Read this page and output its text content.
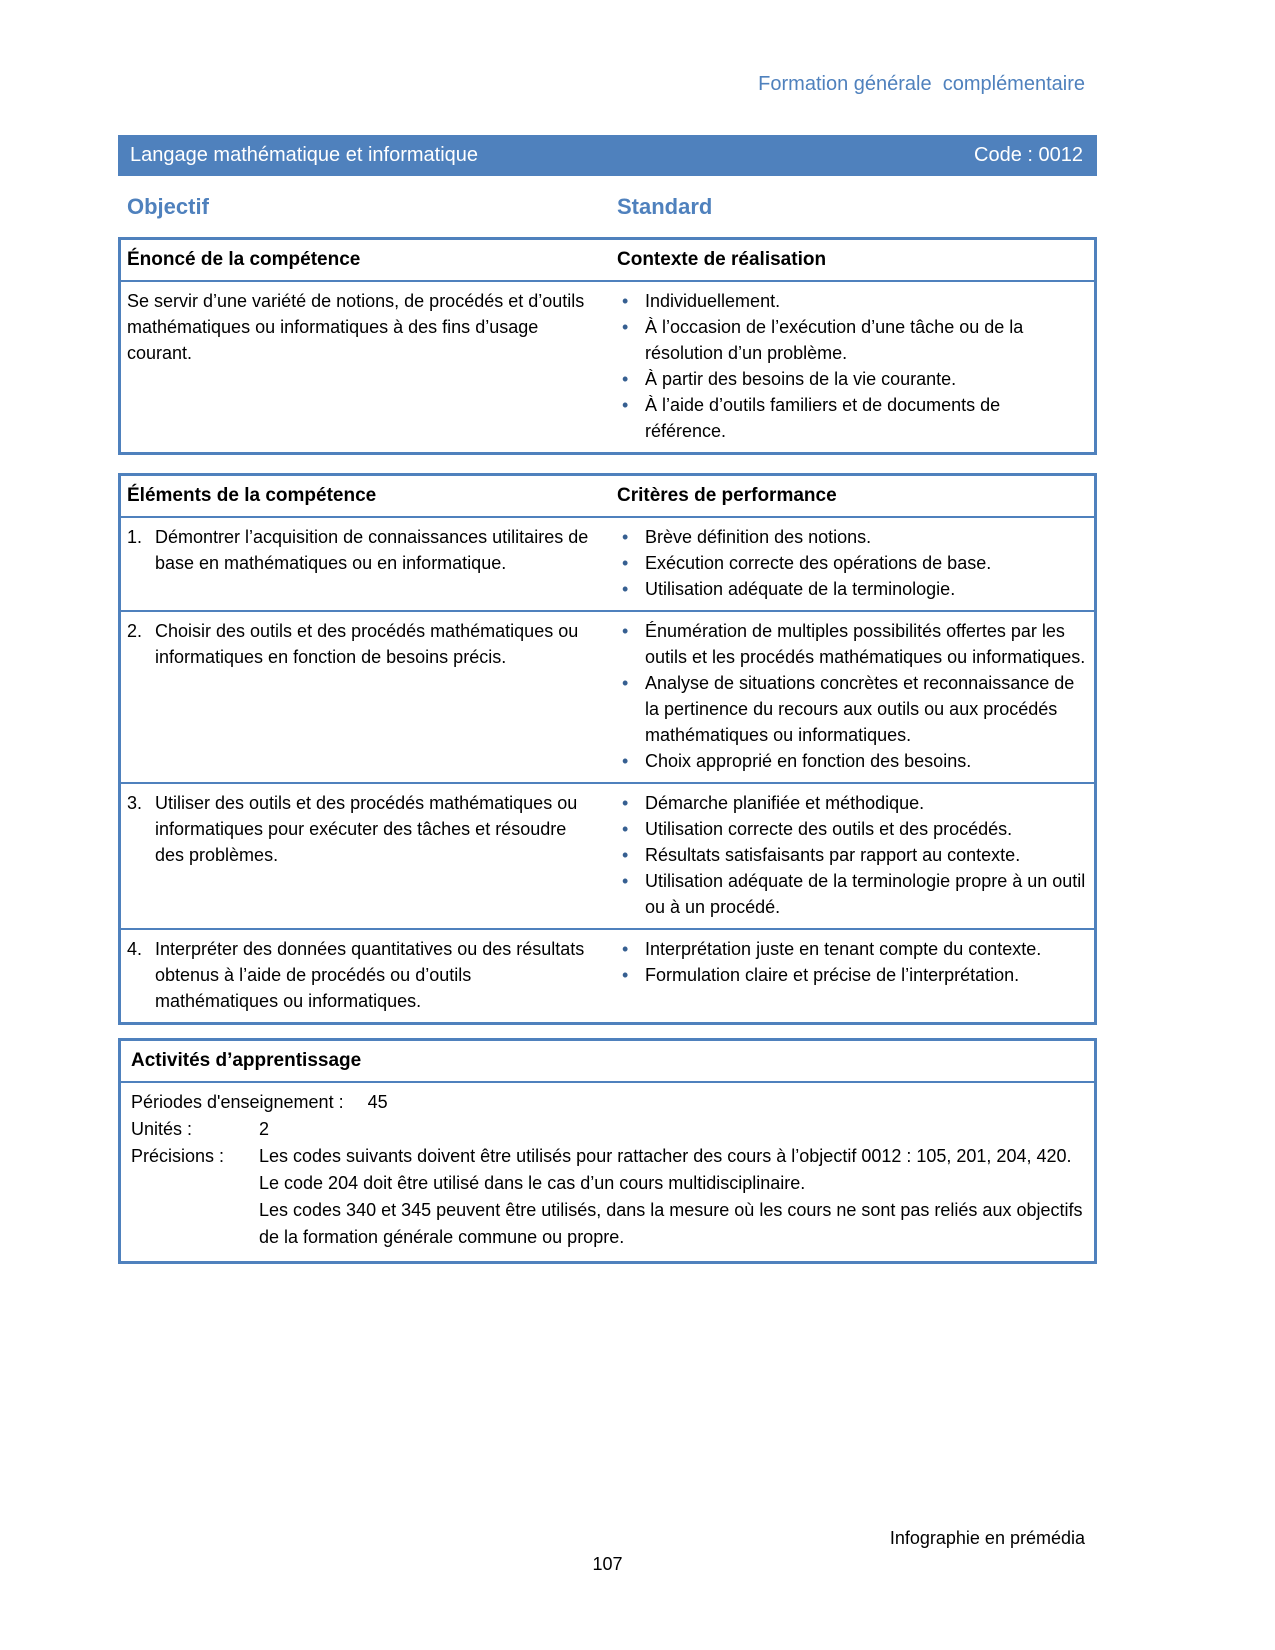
Formation générale  complémentaire
Langage mathématique et informatique	Code : 0012
Objectif	Standard
Énoncé de la compétence	Contexte de réalisation
Se servir d’une variété de notions, de procédés et d’outils mathématiques ou informatiques à des fins d’usage courant.
• Individuellement.
• À l’occasion de l’exécution d’une tâche ou de la résolution d’un problème.
• À partir des besoins de la vie courante.
• À l’aide d’outils familiers et de documents de référence.
Éléments de la compétence	Critères de performance
1. Démontrer l’acquisition de connaissances utilitaires de base en mathématiques ou en informatique.
• Brève définition des notions.
• Exécution correcte des opérations de base.
• Utilisation adéquate de la terminologie.
2. Choisir des outils et des procédés mathématiques ou informatiques en fonction de besoins précis.
• Énumération de multiples possibilités offertes par les outils et les procédés mathématiques ou informatiques.
• Analyse de situations concrètes et reconnaissance de la pertinence du recours aux outils ou aux procédés mathématiques ou informatiques.
• Choix approprié en fonction des besoins.
3. Utiliser des outils et des procédés mathématiques ou informatiques pour exécuter des tâches et résoudre des problèmes.
• Démarche planifiée et méthodique.
• Utilisation correcte des outils et des procédés.
• Résultats satisfaisants par rapport au contexte.
• Utilisation adéquate de la terminologie propre à un outil ou à un procédé.
4. Interpréter des données quantitatives ou des résultats obtenus à l’aide de procédés ou d’outils mathématiques ou informatiques.
• Interprétation juste en tenant compte du contexte.
• Formulation claire et précise de l’interprétation.
Activités d’apprentissage
Périodes d'enseignement : 45
Unités :	2
Précisions :	Les codes suivants doivent être utilisés pour rattacher des cours à l’objectif 0012 : 105, 201, 204, 420.

Le code 204 doit être utilisé dans le cas d’un cours multidisciplinaire.

Les codes 340 et 345 peuvent être utilisés, dans la mesure où les cours ne sont pas reliés aux objectifs de la formation générale commune ou propre.

Infographie en prémédia
107
